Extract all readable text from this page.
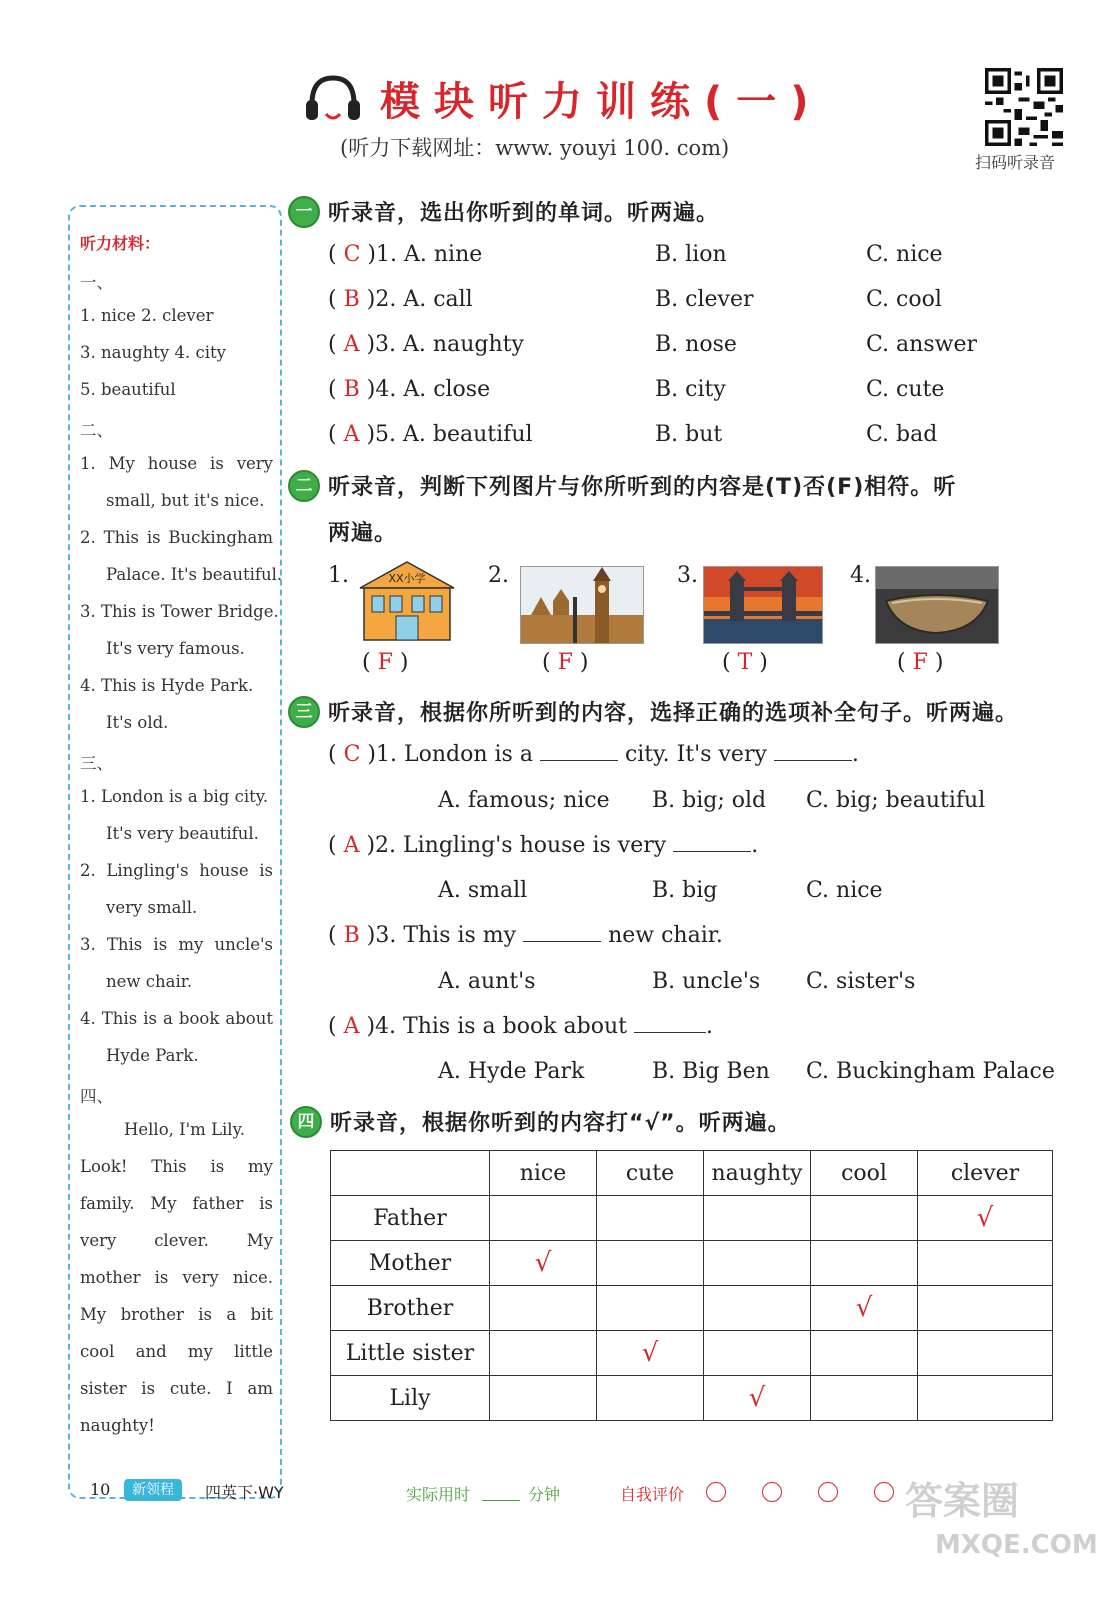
模块听力训练(一)
(听力下载网址：www. youyi 100. com)
扫码听录音
听力材料：
一、
1. nice 2. clever
3. naughty 4. city
5. beautiful
二、
1. My house is very
small, but it's nice.
2. This is Buckingham
Palace. It's beautiful.
3. This is Tower Bridge.
It's very famous.
4. This is Hyde Park.
It's old.
三、
1. London is a big city.
It's very beautiful.
2. Lingling's house is
very small.
3. This is my uncle's
new chair.
4. This is a book about
Hyde Park.
四、
Hello, I'm Lily.
Look! This is my
family. My father is
very clever. My
mother is very nice.
My brother is a bit
cool and my little
sister is cute. I am
naughty!
一 听录音，选出你听到的单词。听两遍。
( C )1. A. nine	B. lion	C. nice
( B )2. A. call	B. clever	C. cool
( A )3. A. naughty	B. nose	C. answer
( B )4. A. close	B. city	C. cute
( A )5. A. beautiful	B. but	C. bad
二 听录音，判断下列图片与你所听到的内容是(T)否(F)相符。听
两遍。
1.	XX小学
( F )
2.
( F )
3.
( T )
4.
( F )
三 听录音，根据你所听到的内容，选择正确的选项补全句子。听两遍。
( C )1. London is a	city. It's very	.
A. famous; nice B. big; old C. big; beautiful
( A )2. Lingling's house is very	.
A. small	B. big	C. nice
( B )3. This is my	new chair.
A. aunt's	B. uncle's C. sister's
( A )4. This is a book about	.
A. Hyde Park	B. Big Ben C. Buckingham Palace
四 听录音，根据你听到的内容打“√”。听两遍。
	nice	cute	naughty	cool	clever
Father					√
Mother	√				
Brother				√	
Little sister		√			
Lily			√		
10	新领程	四英下·WY	实际用时	分钟	自我评价	答案圈
MXQE.COM
